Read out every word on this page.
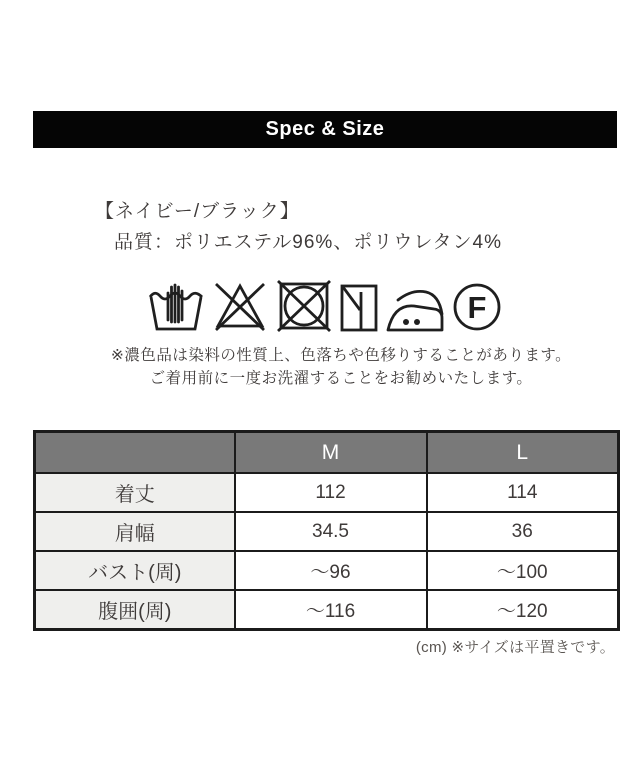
Spec & Size
【ネイビー/ブラック】
品質：ポリエステル96%、ポリウレタン4%
F
※濃色品は染料の性質上、色落ちや色移りすることがあります。
ご着用前に一度お洗濯することをお勧めいたします。
	M	L
着丈	112	114
肩幅	34.5	36
バスト(周)	～96	～100
腹囲(周)	～116	～120
(cm) ※サイズは平置きです。
